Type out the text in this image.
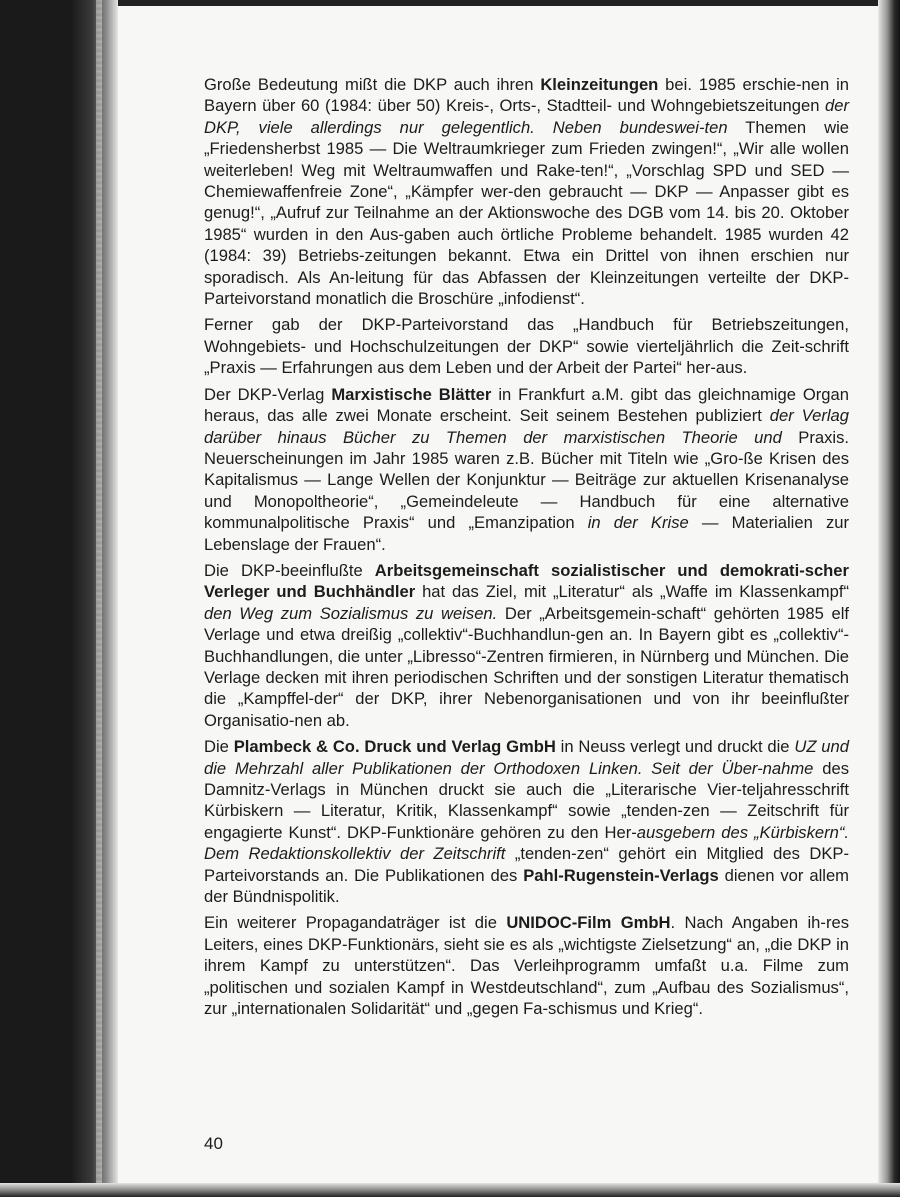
Große Bedeutung mißt die DKP auch ihren Kleinzeitungen bei. 1985 erschie-nen in Bayern über 60 (1984: über 50) Kreis-, Orts-, Stadtteil- und Wohngebietszeitungen der DKP, viele allerdings nur gelegentlich. Neben bundeswei-ten Themen wie „Friedensherbst 1985 — Die Weltraumkrieger zum Frieden zwingen!“, „Wir alle wollen weiterleben! Weg mit Weltraumwaffen und Rake-ten!“, „Vorschlag SPD und SED — Chemiewaffenfreie Zone“, „Kämpfer wer-den gebraucht — DKP — Anpasser gibt es genug!“, „Aufruf zur Teilnahme an der Aktionswoche des DGB vom 14. bis 20. Oktober 1985“ wurden in den Aus-gaben auch örtliche Probleme behandelt. 1985 wurden 42 (1984: 39) Betriebs-zeitungen bekannt. Etwa ein Drittel von ihnen erschien nur sporadisch. Als An-leitung für das Abfassen der Kleinzeitungen verteilte der DKP-Parteivorstand monatlich die Broschüre „infodienst“.

Ferner gab der DKP-Parteivorstand das „Handbuch für Betriebszeitungen, Wohngebiets- und Hochschulzeitungen der DKP“ sowie vierteljährlich die Zeit-schrift „Praxis — Erfahrungen aus dem Leben und der Arbeit der Partei“ her-aus.

Der DKP-Verlag Marxistische Blätter in Frankfurt a.M. gibt das gleichnamige Organ heraus, das alle zwei Monate erscheint. Seit seinem Bestehen publiziert der Verlag darüber hinaus Bücher zu Themen der marxistischen Theorie und Praxis. Neuerscheinungen im Jahr 1985 waren z.B. Bücher mit Titeln wie „Gro-ße Krisen des Kapitalismus — Lange Wellen der Konjunktur — Beiträge zur aktuellen Krisenanalyse und Monopoltheorie“, „Gemeindeleute — Handbuch für eine alternative kommunalpolitische Praxis“ und „Emanzipation in der Krise — Materialien zur Lebenslage der Frauen“.

Die DKP-beeinflußte Arbeitsgemeinschaft sozialistischer und demokrati-scher Verleger und Buchhändler hat das Ziel, mit „Literatur“ als „Waffe im Klassenkampf“ den Weg zum Sozialismus zu weisen. Der „Arbeitsgemein-schaft“ gehörten 1985 elf Verlage und etwa dreißig „collektiv“-Buchhandlun-gen an. In Bayern gibt es „collektiv“- Buchhandlungen, die unter „Libresso“-Zentren firmieren, in Nürnberg und München. Die Verlage decken mit ihren periodischen Schriften und der sonstigen Literatur thematisch die „Kampffel-der“ der DKP, ihrer Nebenorganisationen und von ihr beeinflußter Organisatio-nen ab.

Die Plambeck & Co. Druck und Verlag GmbH in Neuss verlegt und druckt die UZ und die Mehrzahl aller Publikationen der Orthodoxen Linken. Seit der Über-nahme des Damnitz-Verlags in München druckt sie auch die „Literarische Vier-teljahresschrift Kürbiskern — Literatur, Kritik, Klassenkampf“ sowie „tenden-zen — Zeitschrift für engagierte Kunst“. DKP-Funktionäre gehören zu den Her-ausgebern des „Kürbiskern“. Dem Redaktionskollektiv der Zeitschrift „tenden-zen“ gehört ein Mitglied des DKP-Parteivorstands an. Die Publikationen des Pahl-Rugenstein-Verlags dienen vor allem der Bündnispolitik.

Ein weiterer Propagandaträger ist die UNIDOC-Film GmbH. Nach Angaben ih-res Leiters, eines DKP-Funktionärs, sieht sie es als „wichtigste Zielsetzung“ an, „die DKP in ihrem Kampf zu unterstützen“. Das Verleihprogramm umfaßt u.a. Filme zum „politischen und sozialen Kampf in Westdeutschland“, zum „Aufbau des Sozialismus“, zur „internationalen Solidarität“ und „gegen Fa-schismus und Krieg“.

40
